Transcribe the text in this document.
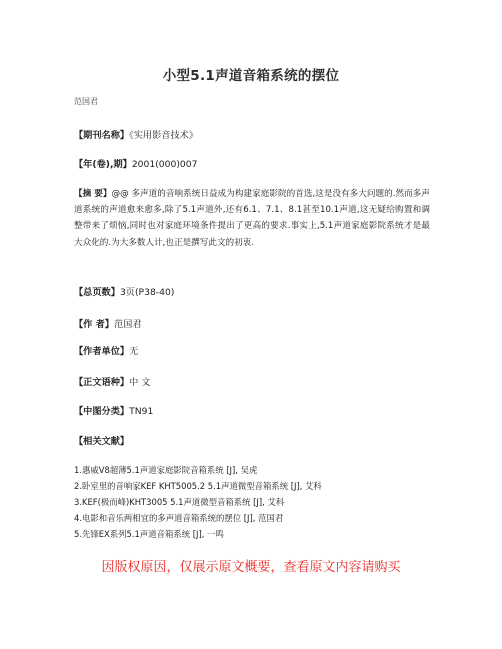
小型5.1声道音箱系统的摆位
范国君
【期刊名称】《实用影音技术》
【年(卷),期】2001(000)007
【摘 要】@@ 多声道的音响系统日益成为构建家庭影院的首选,这是没有多大问题的.然而多声道系统的声道愈来愈多,除了5.1声道外,还有6.1、7.1、8.1甚至10.1声道,这无疑给购置和调整带来了烦恼,同时也对家庭环境条件提出了更高的要求.事实上,5.1声道家庭影院系统才是最大众化的.为大多数人计,也正是撰写此文的初衷.
【总页数】3页(P38-40)
【作 者】范国君
【作者单位】无
【正文语种】中 文
【中图分类】TN91
【相关文献】
1.惠威V8超薄5.1声道家庭影院音箱系统 [J], 吴虎
2.卧室里的音响家KEF KHT5005.2 5.1声道微型音箱系统 [J], 艾科
3.KEF(极而峰)KHT3005 5.1声道微型音箱系统 [J], 艾科
4.电影和音乐两相宜的多声道音箱系统的摆位 [J], 范国君
5.先锋EX系列5.1声道音箱系统 [J], 一鸣
因版权原因，仅展示原文概要，查看原文内容请购买
